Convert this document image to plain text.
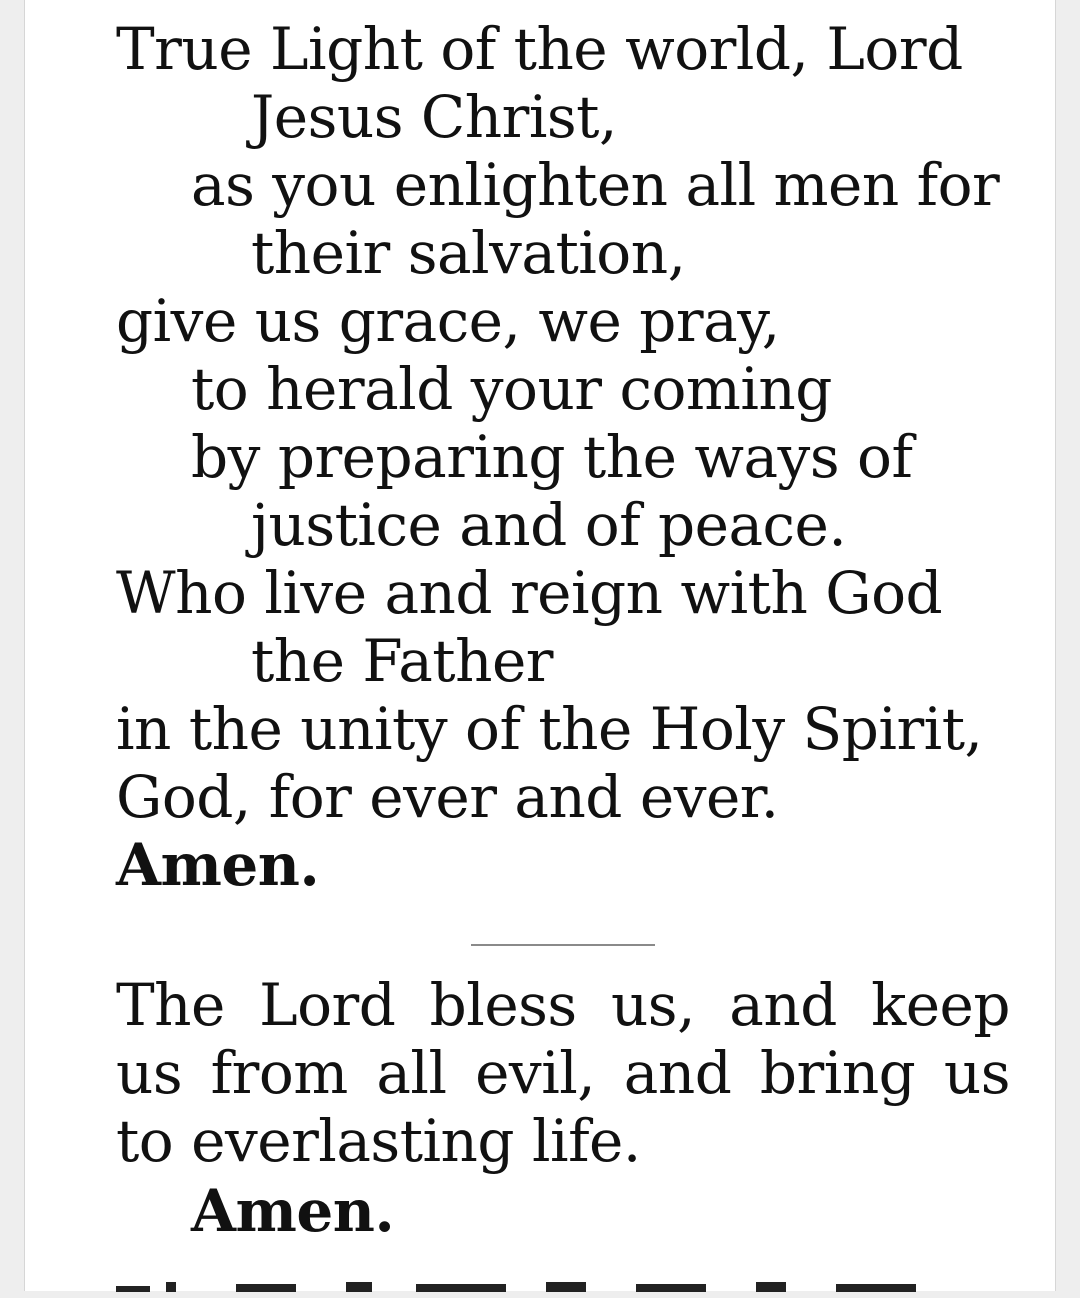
True Light of the world, Lord
Jesus Christ,
as you enlighten all men for
their salvation,
give us grace, we pray,
to herald your coming
by preparing the ways of
justice and of peace.
Who live and reign with God
the Father
in the unity of the Holy Spirit,
God, for ever and ever.
Amen.
The Lord bless us, and keep us from all evil, and bring us to everlasting life.
Amen.
